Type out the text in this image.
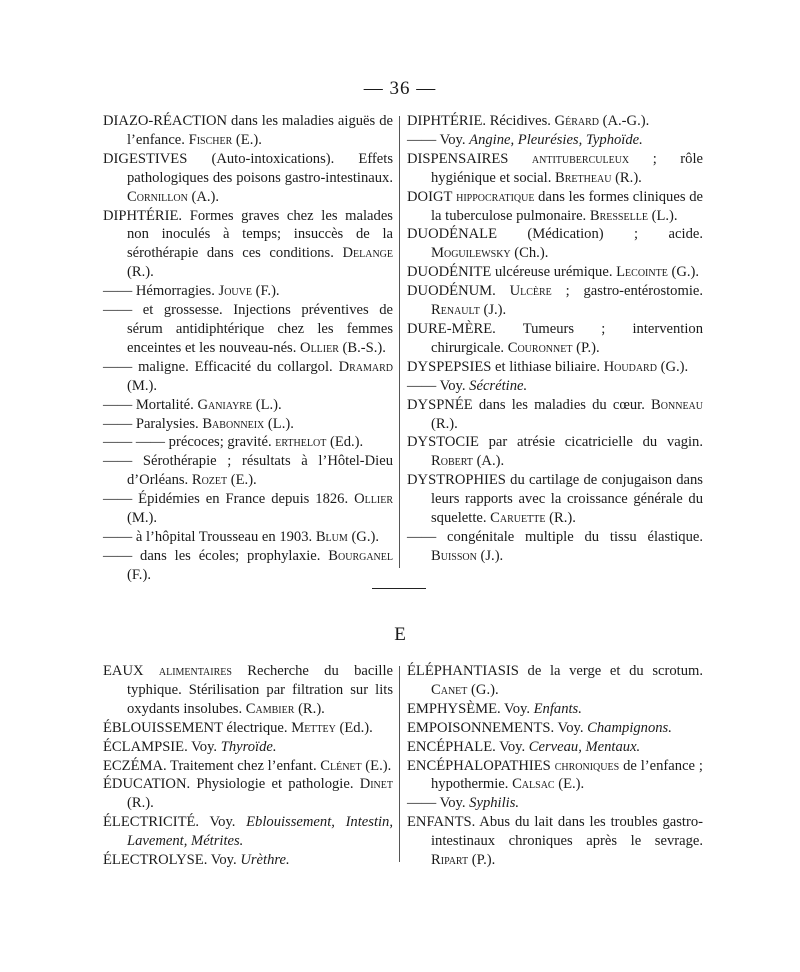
— 36 —

DIAZO-RÉACTION dans les maladies aiguës de l’enfance. Fischer (E.).

DIGESTIVES (Auto-intoxications). Effets pathologiques des poisons gastro-intestinaux. Cornillon (A.).

DIPHTÉRIE. Formes graves chez les malades non inoculés à temps; insuccès de la sérothérapie dans ces conditions. Delange (R.).

—— Hémorragies. Jouve (F.).

—— et grossesse. Injections préventives de sérum antidiphtérique chez les femmes enceintes et les nouveau-nés. Ollier (B.-S.).

—— maligne. Efficacité du collargol. Dramard (M.).

—— Mortalité. Ganiayre (L.).

—— Paralysies. Babonneix (L.).

—— —— précoces; gravité. erthelot (Ed.).

—— Sérothérapie ; résultats à l’Hôtel-Dieu d’Orléans. Rozet (E.).

—— Épidémies en France depuis 1826. Ollier (M.).

—— à l’hôpital Trousseau en 1903. Blum (G.).

—— dans les écoles; prophylaxie. Bourganel (F.).

DIPHTÉRIE. Récidives. Gérard (A.-G.).

—— Voy. Angine, Pleurésies, Typhoïde.

DISPENSAIRES antituberculeux ; rôle hygiénique et social. Bretheau (R.).

DOIGT hippocratique dans les formes cliniques de la tuberculose pulmonaire. Bresselle (L.).

DUODÉNALE (Médication) ; acide. Moguilewsky (Ch.).

DUODÉNITE ulcéreuse urémique. Lecointe (G.).

DUODÉNUM. Ulcère ; gastro-entérostomie. Renault (J.).

DURE-MÈRE. Tumeurs ; intervention chirurgicale. Couronnet (P.).

DYSPEPSIES et lithiase biliaire. Houdard (G.).

—— Voy. Sécrétine.

DYSPNÉE dans les maladies du cœur. Bonneau (R.).

DYSTOCIE par atrésie cicatricielle du vagin. Robert (A.).

DYSTROPHIES du cartilage de conjugaison dans leurs rapports avec la croissance générale du squelette. Caruette (R.).

—— congénitale multiple du tissu élastique. Buisson (J.).

E

EAUX alimentaires Recherche du bacille typhique. Stérilisation par filtration sur lits oxydants insolubes. Cambier (R.).

ÉBLOUISSEMENT électrique. Mettey (Ed.).

ÉCLAMPSIE. Voy. Thyroïde.

ECZÉMA. Traitement chez l’enfant. Clénet (E.).

ÉDUCATION. Physiologie et pathologie. Dinet (R.).

ÉLECTRICITÉ. Voy. Eblouissement, Intestin, Lavement, Métrites.

ÉLECTROLYSE. Voy. Urèthre.

ÉLÉPHANTIASIS de la verge et du scrotum. Canet (G.).

EMPHYSÈME. Voy. Enfants.

EMPOISONNEMENTS. Voy. Champignons.

ENCÉPHALE. Voy. Cerveau, Mentaux.

ENCÉPHALOPATHIES chroniques de l’enfance ; hypothermie. Calsac (E.).

—— Voy. Syphilis.

ENFANTS. Abus du lait dans les troubles gastro-intestinaux chroniques après le sevrage. Ripart (P.).
